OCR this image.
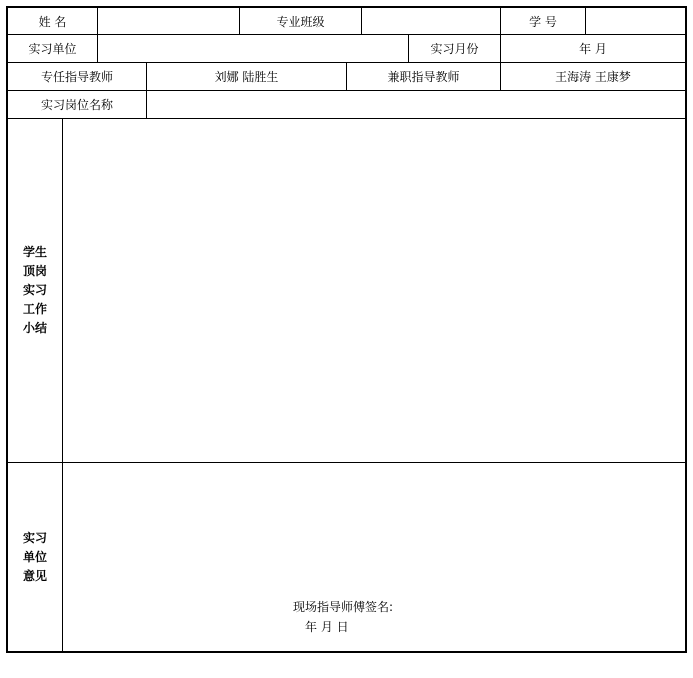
姓 名	专业班级	学 号
实习单位	实习月份	年 月
专任指导教师	刘娜 陆胜生	兼职指导教师	王海涛 王康梦
实习岗位名称
学生
顶岗
实习
工作
小结
实习
单位
意见
现场指导师傅签名:
年 月 日
